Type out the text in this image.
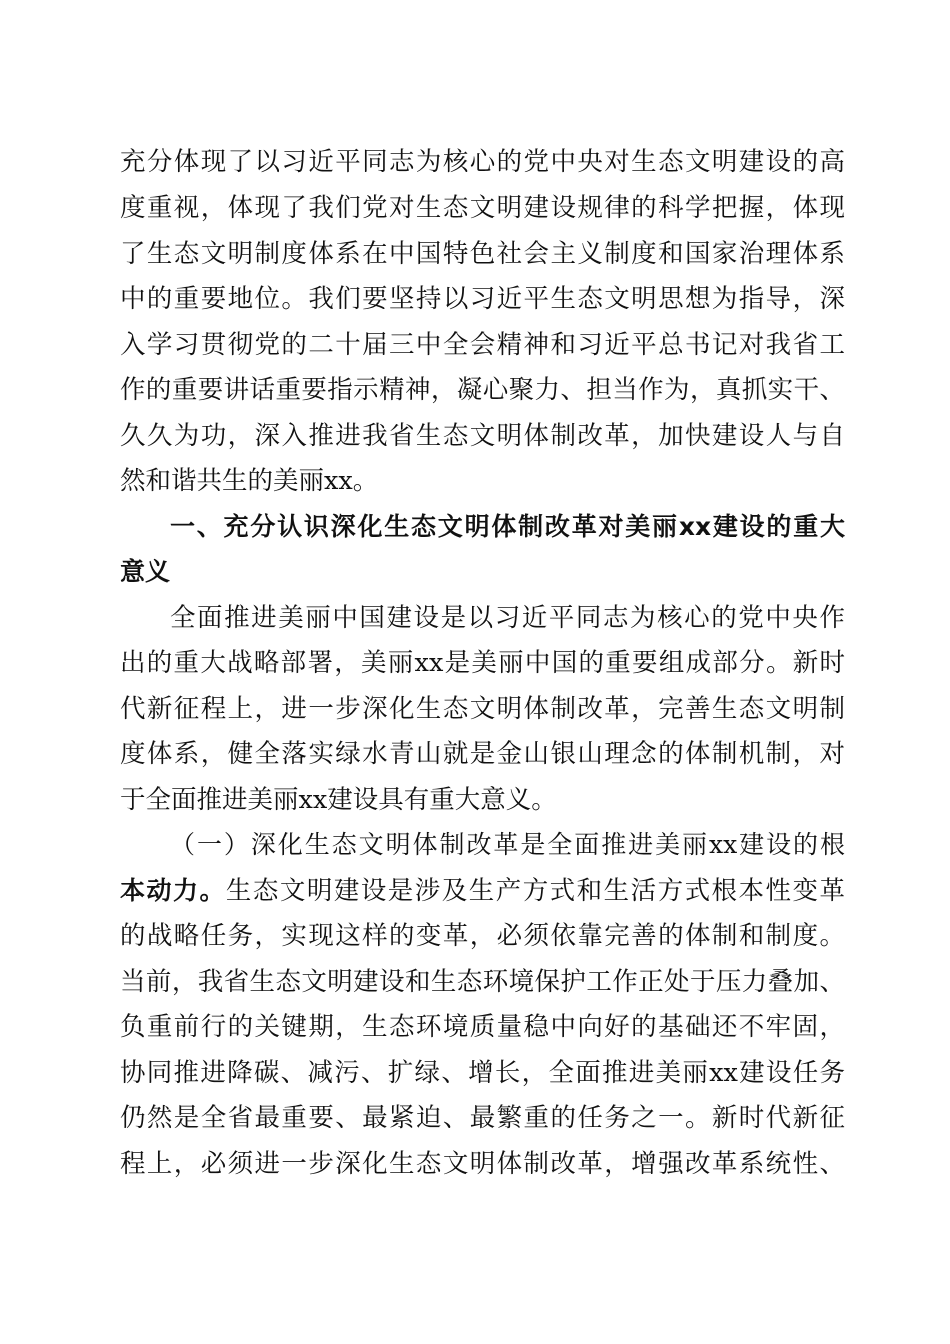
充分体现了以习近平同志为核心的党中央对生态文明建设的高
度重视，体现了我们党对生态文明建设规律的科学把握，体现
了生态文明制度体系在中国特色社会主义制度和国家治理体系
中的重要地位。我们要坚持以习近平生态文明思想为指导，深
入学习贯彻党的二十届三中全会精神和习近平总书记对我省工
作的重要讲话重要指示精神，凝心聚力、担当作为，真抓实干、
久久为功，深入推进我省生态文明体制改革，加快建设人与自
然和谐共生的美丽xx。
一、充分认识深化生态文明体制改革对美丽xx建设的重大
意义
全面推进美丽中国建设是以习近平同志为核心的党中央作
出的重大战略部署，美丽xx是美丽中国的重要组成部分。新时
代新征程上，进一步深化生态文明体制改革，完善生态文明制
度体系，健全落实绿水青山就是金山银山理念的体制机制，对
于全面推进美丽xx建设具有重大意义。
（一）深化生态文明体制改革是全面推进美丽xx建设的根
本动力。生态文明建设是涉及生产方式和生活方式根本性变革
的战略任务，实现这样的变革，必须依靠完善的体制和制度。
当前，我省生态文明建设和生态环境保护工作正处于压力叠加、
负重前行的关键期，生态环境质量稳中向好的基础还不牢固，
协同推进降碳、减污、扩绿、增长，全面推进美丽xx建设任务
仍然是全省最重要、最紧迫、最繁重的任务之一。新时代新征
程上，必须进一步深化生态文明体制改革，增强改革系统性、
